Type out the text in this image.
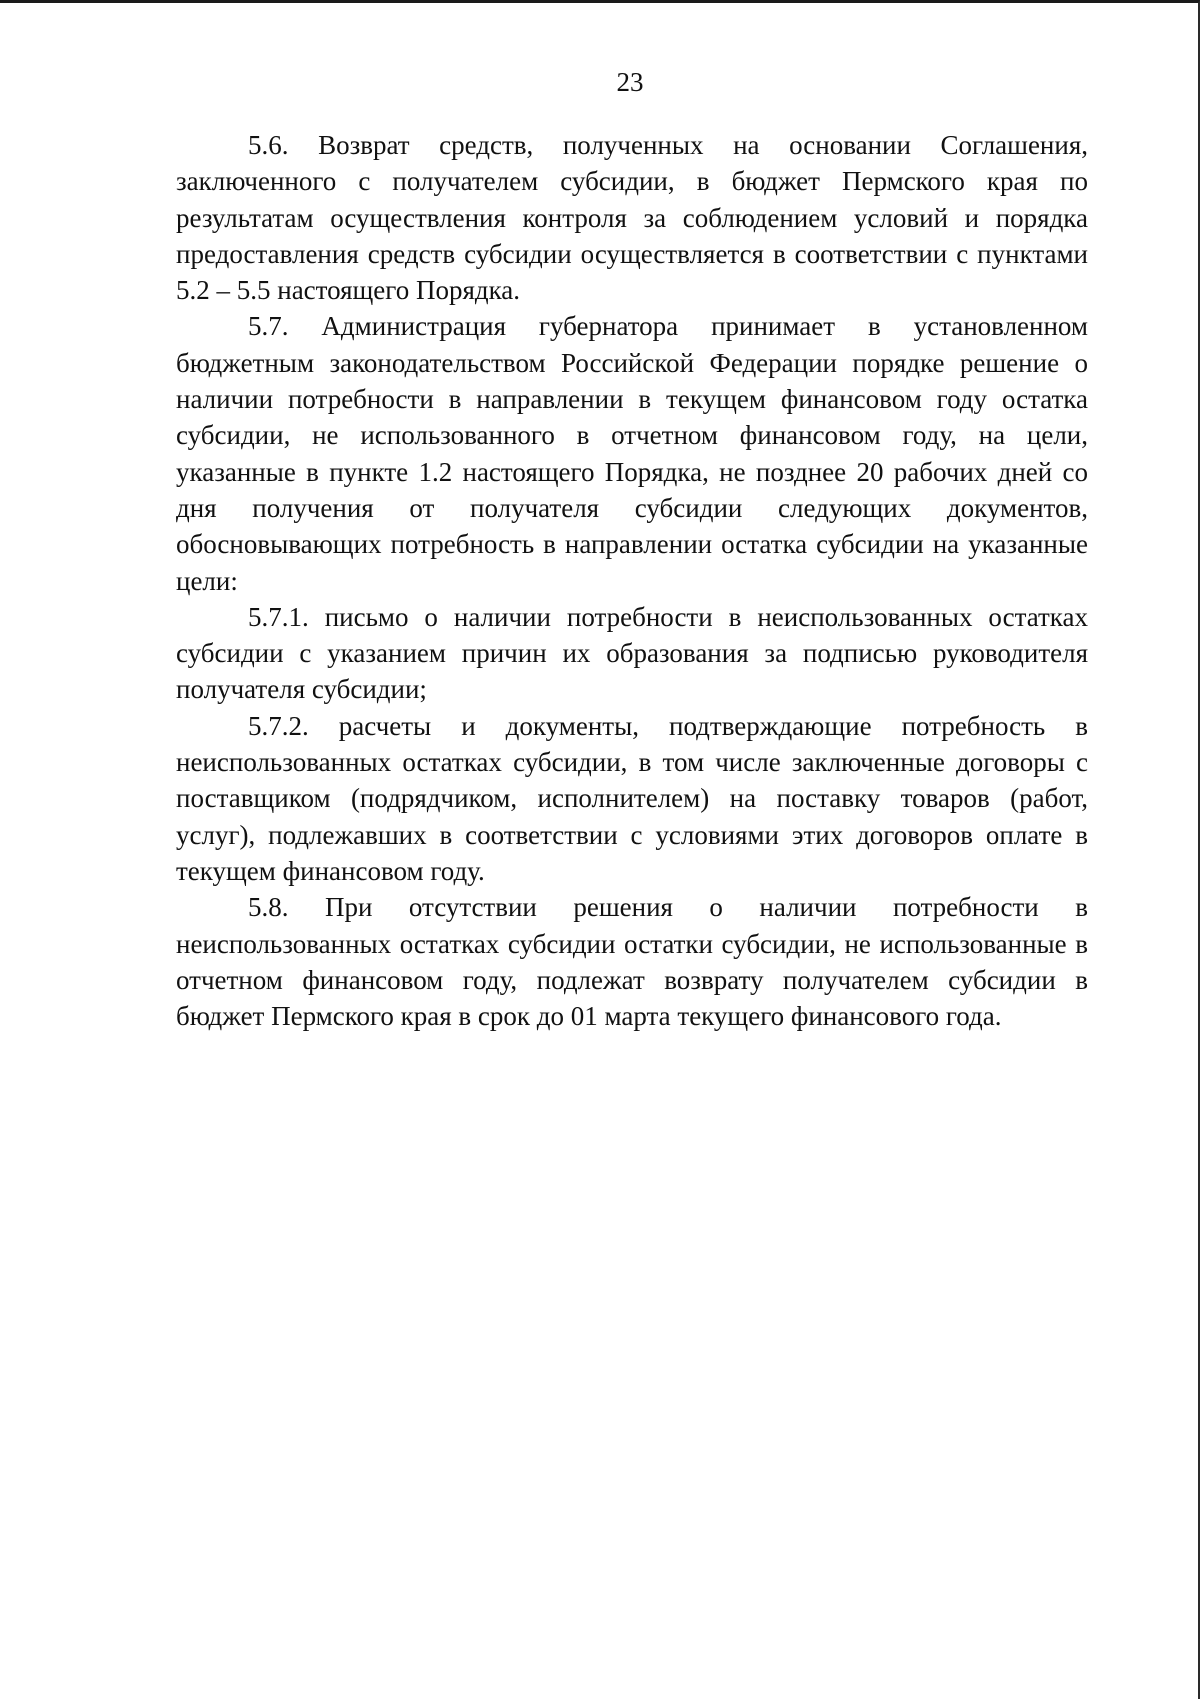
23

5.6. Возврат средств, полученных на основании Соглашения, заключенного с получателем субсидии, в бюджет Пермского края по результатам осуществления контроля за соблюдением условий и порядка предоставления средств субсидии осуществляется в соответствии с пунктами 5.2 – 5.5 настоящего Порядка.

5.7. Администрация губернатора принимает в установленном бюджетным законодательством Российской Федерации порядке решение о наличии потребности в направлении в текущем финансовом году остатка субсидии, не использованного в отчетном финансовом году, на цели, указанные в пункте 1.2 настоящего Порядка, не позднее 20 рабочих дней со дня получения от получателя субсидии следующих документов, обосновывающих потребность в направлении остатка субсидии на указанные цели:

5.7.1. письмо о наличии потребности в неиспользованных остатках субсидии с указанием причин их образования за подписью руководителя получателя субсидии;

5.7.2. расчеты и документы, подтверждающие потребность в неиспользованных остатках субсидии, в том числе заключенные договоры с поставщиком (подрядчиком, исполнителем) на поставку товаров (работ, услуг), подлежавших в соответствии с условиями этих договоров оплате в текущем финансовом году.

5.8. При отсутствии решения о наличии потребности в неиспользованных остатках субсидии остатки субсидии, не использованные в отчетном финансовом году, подлежат возврату получателем субсидии в бюджет Пермского края в срок до 01 марта текущего финансового года.
